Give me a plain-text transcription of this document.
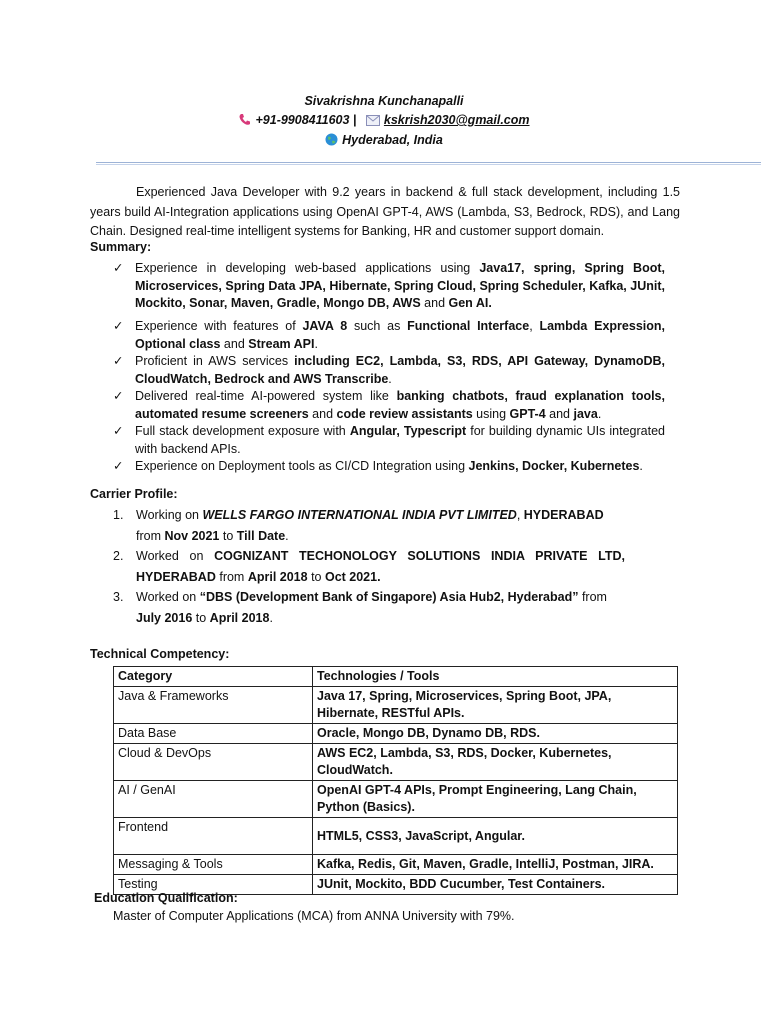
Sivakrishna Kunchanapalli
+91-9908411603 | kskrish2030@gmail.com
Hyderabad, India
Experienced Java Developer with 9.2 years in backend & full stack development, including 1.5 years build AI-Integration applications using OpenAI GPT-4, AWS (Lambda, S3, Bedrock, RDS), and Lang Chain. Designed real-time intelligent systems for Banking, HR and customer support domain.
Summary:
✓ Experience in developing web-based applications using Java17, spring, Spring Boot, Microservices, Spring Data JPA, Hibernate, Spring Cloud, Spring Scheduler, Kafka, JUnit, Mockito, Sonar, Maven, Gradle, Mongo DB, AWS and Gen AI.
✓ Experience with features of JAVA 8 such as Functional Interface, Lambda Expression, Optional class and Stream API.
✓ Proficient in AWS services including EC2, Lambda, S3, RDS, API Gateway, DynamoDB, CloudWatch, Bedrock and AWS Transcribe.
✓ Delivered real-time AI-powered system like banking chatbots, fraud explanation tools, automated resume screeners and code review assistants using GPT-4 and java.
✓ Full stack development exposure with Angular, Typescript for building dynamic UIs integrated with backend APIs.
✓ Experience on Deployment tools as CI/CD Integration using Jenkins, Docker, Kubernetes.
Carrier Profile:
1. Working on WELLS FARGO INTERNATIONAL INDIA PVT LIMITED, HYDERABAD from Nov 2021 to Till Date.
2. Worked on COGNIZANT TECHONOLOGY SOLUTIONS INDIA PRIVATE LTD, HYDERABAD from April 2018 to Oct 2021.
3. Worked on “DBS (Development Bank of Singapore) Asia Hub2, Hyderabad” from July 2016 to April 2018.
Technical Competency:
Category	Technologies / Tools
Java & Frameworks	Java 17, Spring, Microservices, Spring Boot, JPA, Hibernate, RESTful APIs.
Data Base	Oracle, Mongo DB, Dynamo DB, RDS.
Cloud & DevOps	AWS EC2, Lambda, S3, RDS, Docker, Kubernetes, CloudWatch.
AI / GenAI	OpenAI GPT-4 APIs, Prompt Engineering, Lang Chain, Python (Basics).
Frontend	HTML5, CSS3, JavaScript, Angular.
Messaging & Tools	Kafka, Redis, Git, Maven, Gradle, IntelliJ, Postman, JIRA.
Testing	JUnit, Mockito, BDD Cucumber, Test Containers.
Education Qualification:
Master of Computer Applications (MCA) from ANNA University with 79%.
